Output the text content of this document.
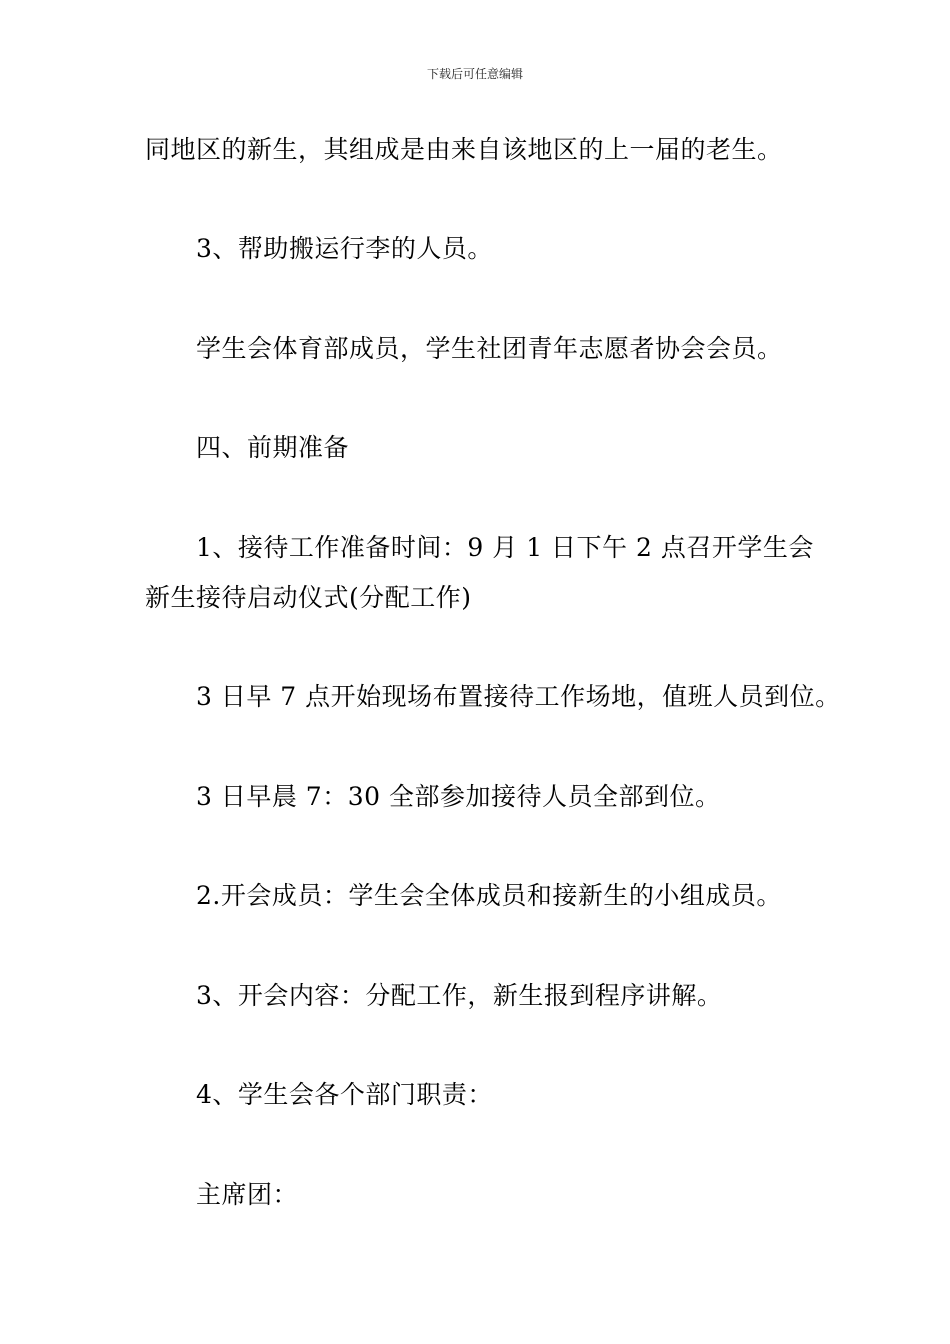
下载后可任意编辑
同地区的新生，其组成是由来自该地区的上一届的老生。
3、帮助搬运行李的人员。
学生会体育部成员，学生社团青年志愿者协会会员。
四、前期准备
1、接待工作准备时间：9 月 1 日下午 2 点召开学生会
新生接待启动仪式(分配工作)
3 日早 7 点开始现场布置接待工作场地，值班人员到位。
3 日早晨 7：30 全部参加接待人员全部到位。
2.开会成员：学生会全体成员和接新生的小组成员。
3、开会内容：分配工作，新生报到程序讲解。
4、学生会各个部门职责：
主席团：
